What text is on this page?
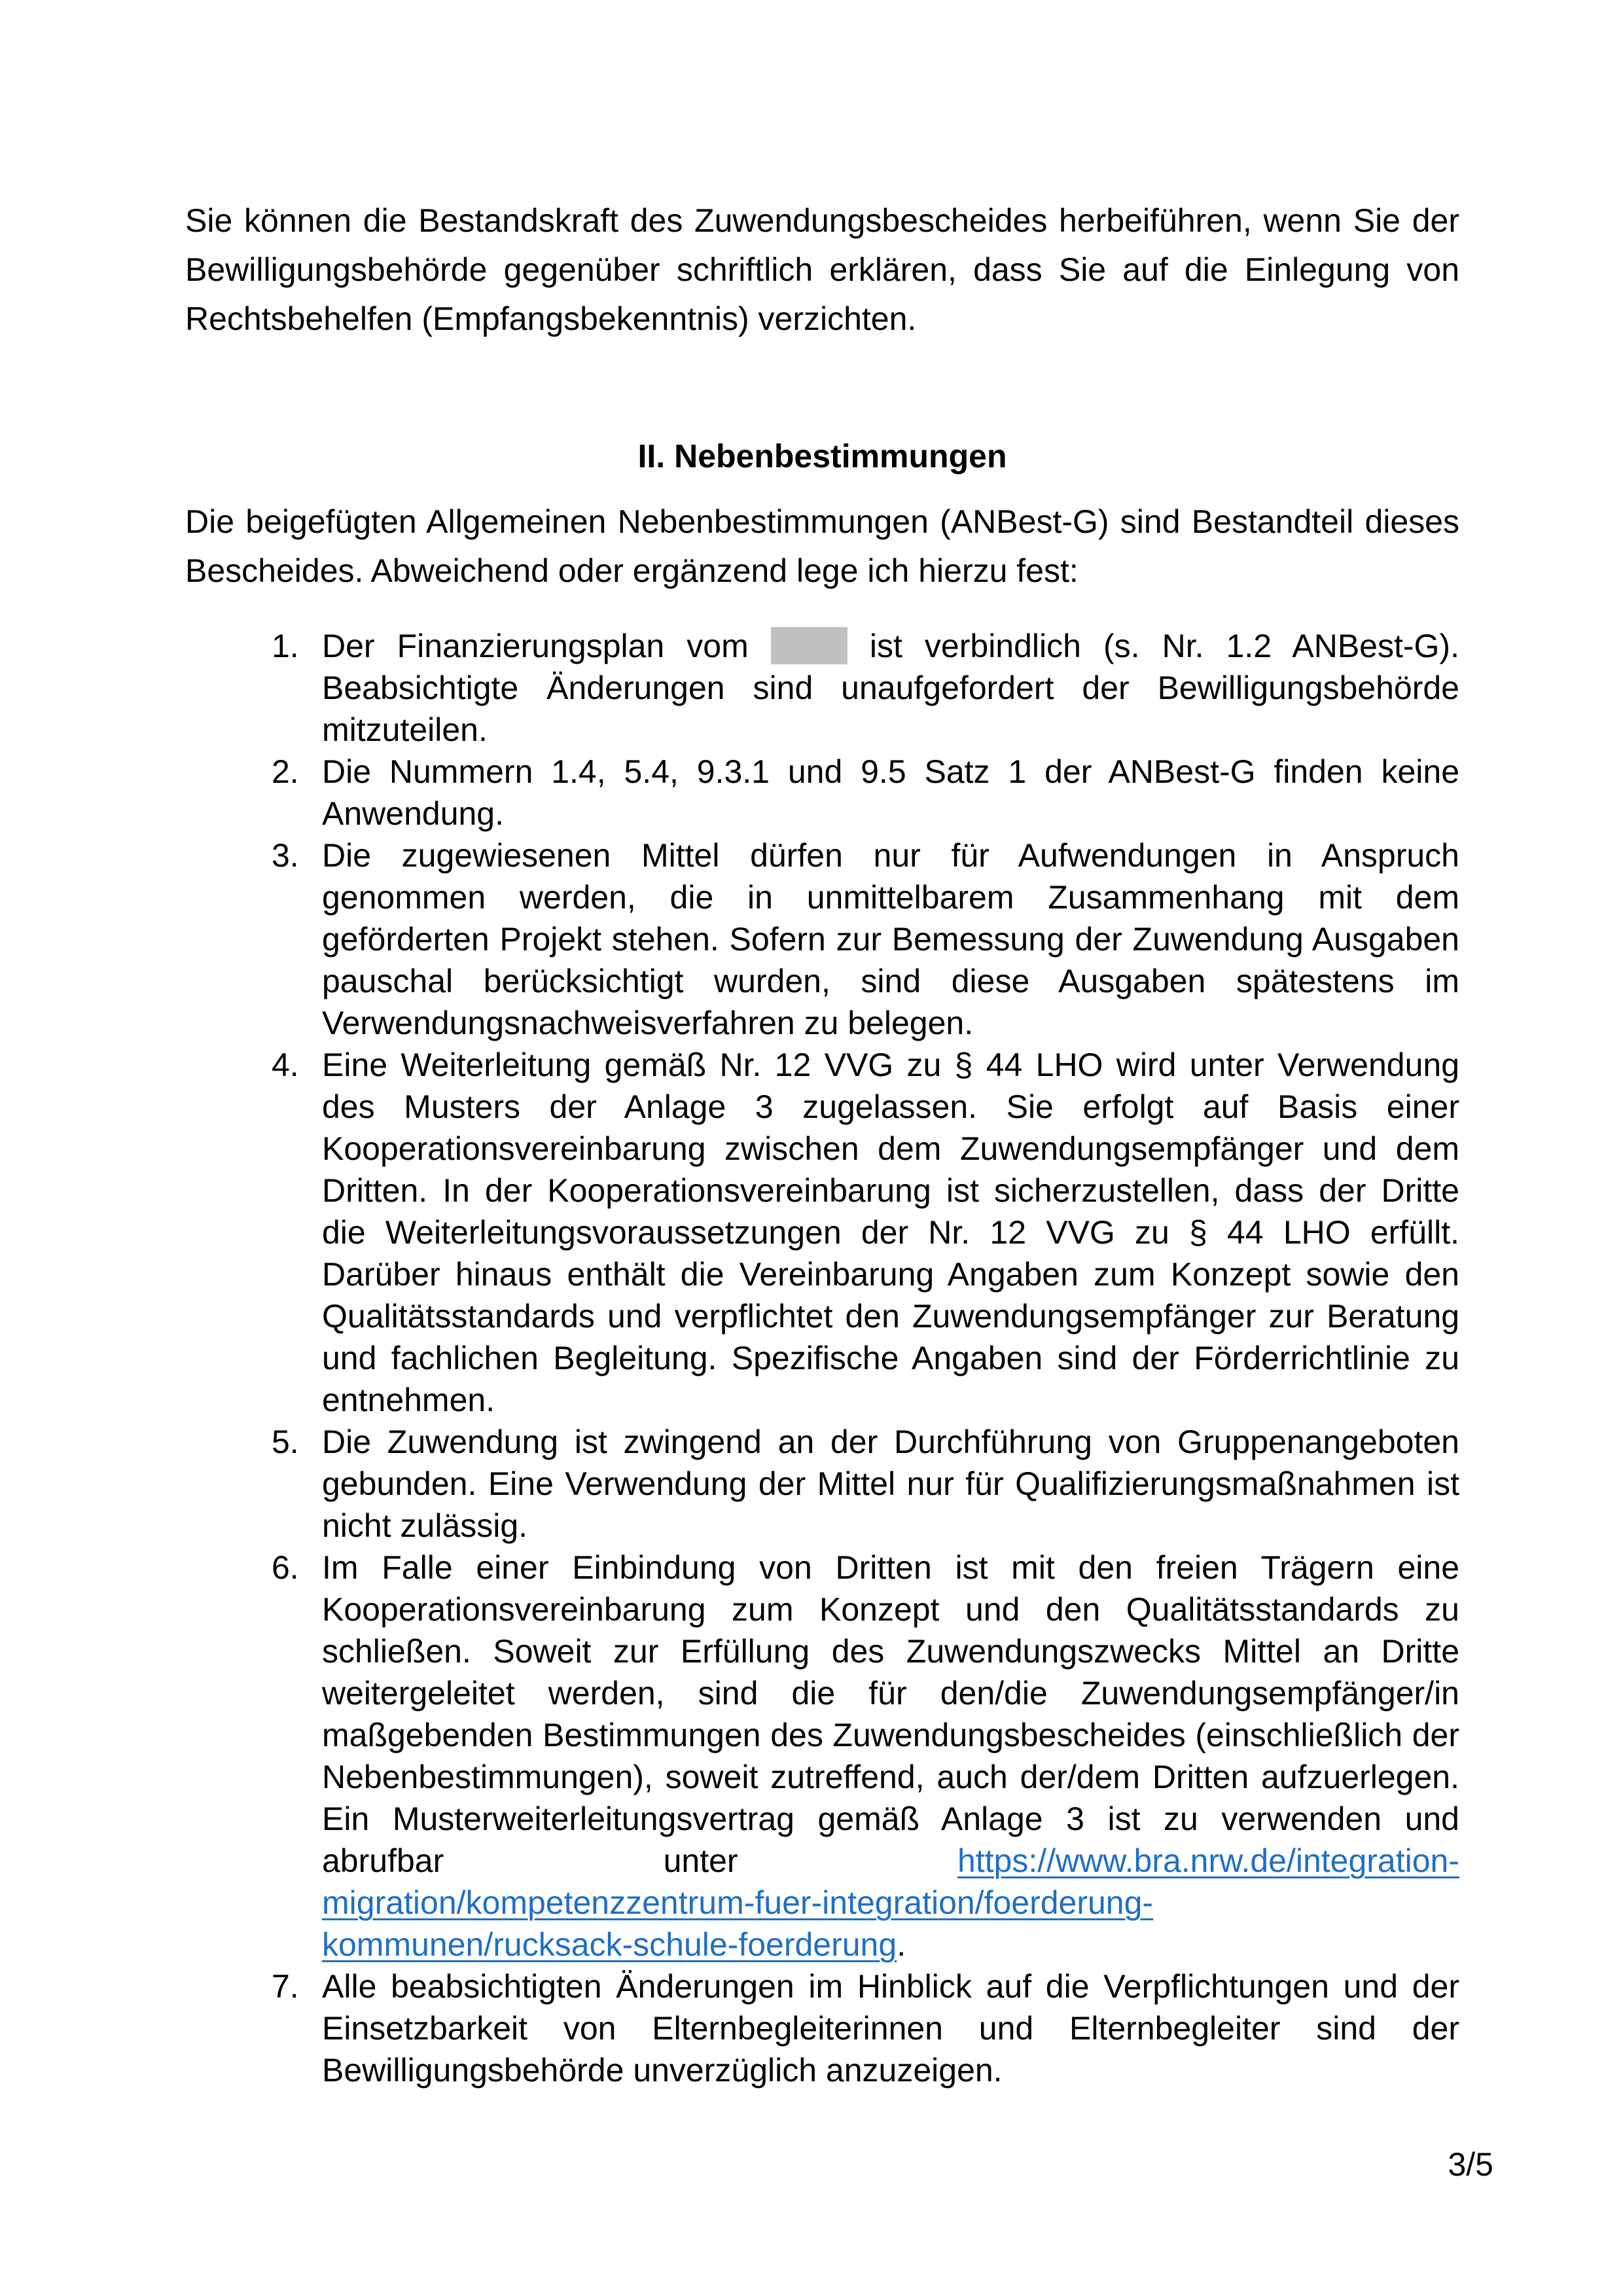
Sie können die Bestandskraft des Zuwendungsbescheides herbeiführen, wenn Sie der Bewilligungsbehörde gegenüber schriftlich erklären, dass Sie auf die Einlegung von Rechtsbehelfen (Empfangsbekenntnis) verzichten.

II. Nebenbestimmungen

Die beigefügten Allgemeinen Nebenbestimmungen (ANBest-G) sind Bestandteil dieses Bescheides. Abweichend oder ergänzend lege ich hierzu fest:

1. Der Finanzierungsplan vom	ist verbindlich (s. Nr. 1.2 ANBest-G). Beabsichtigte Änderungen sind unaufgefordert der Bewilligungsbehörde mitzuteilen.
2. Die Nummern 1.4, 5.4, 9.3.1 und 9.5 Satz 1 der ANBest-G finden keine Anwendung.
3. Die zugewiesenen Mittel dürfen nur für Aufwendungen in Anspruch genommen werden, die in unmittelbarem Zusammenhang mit dem geförderten Projekt stehen. Sofern zur Bemessung der Zuwendung Ausgaben pauschal berücksichtigt wurden, sind diese Ausgaben spätestens im Verwendungsnachweisverfahren zu belegen.
4. Eine Weiterleitung gemäß Nr. 12 VVG zu § 44 LHO wird unter Verwendung des Musters der Anlage 3 zugelassen. Sie erfolgt auf Basis einer Kooperationsvereinbarung zwischen dem Zuwendungsempfänger und dem Dritten. In der Kooperationsvereinbarung ist sicherzustellen, dass der Dritte die Weiterleitungsvoraussetzungen der Nr. 12 VVG zu § 44 LHO erfüllt. Darüber hinaus enthält die Vereinbarung Angaben zum Konzept sowie den Qualitätsstandards und verpflichtet den Zuwendungsempfänger zur Beratung und fachlichen Begleitung. Spezifische Angaben sind der Förderrichtlinie zu entnehmen.
5. Die Zuwendung ist zwingend an der Durchführung von Gruppenangeboten gebunden. Eine Verwendung der Mittel nur für Qualifizierungsmaßnahmen ist nicht zulässig.
6. Im Falle einer Einbindung von Dritten ist mit den freien Trägern eine Kooperationsvereinbarung zum Konzept und den Qualitätsstandards zu schließen. Soweit zur Erfüllung des Zuwendungszwecks Mittel an Dritte weitergeleitet werden, sind die für den/die Zuwendungsempfänger/in maßgebenden Bestimmungen des Zuwendungsbescheides (einschließlich der Nebenbestimmungen), soweit zutreffend, auch der/dem Dritten aufzuerlegen. Ein Musterweiterleitungsvertrag gemäß Anlage 3 ist zu verwenden und abrufbar unter	https://www.bra.nrw.de/integration-migration/kompetenzzentrum-fuer-integration/foerderung-kommunen/rucksack-schule-foerderung.
7. Alle beabsichtigten Änderungen im Hinblick auf die Verpflichtungen und der Einsetzbarkeit von Elternbegleiterinnen und Elternbegleiter sind der Bewilligungsbehörde unverzüglich anzuzeigen.
3/5
